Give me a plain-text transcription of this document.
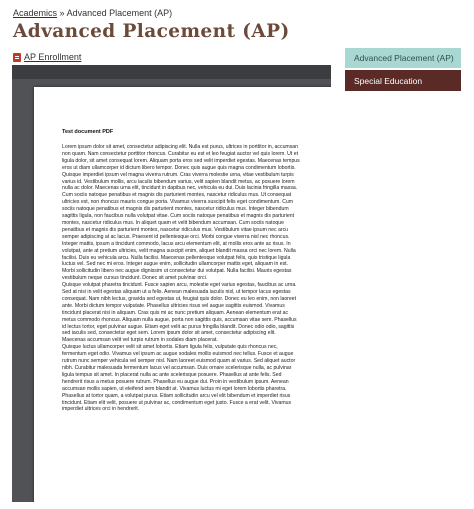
Academics » Advanced Placement (AP)
Advanced Placement (AP)
AP Enrollment
Test document PDF

Lorem ipsum dolor sit amet, consectetur adipiscing elit. Nulla est purus, ultrices in porttitor in, accumsan non quam. Nam consectetur porttitor rhoncus. Curabitur eu est et leo feugiat auctor vel quis lorem. Ut et ligula dolor, sit amet consequat lorem. Aliquam porta eros sed velit imperdiet egestas. Maecenas tempus eros ut diam ullamcorper id dictum libero tempor. Donec quis augue quis magna condimentum lobortis. Quisque imperdiet ipsum vel magna viverra rutrum. Cras viverra molestie urna, vitae vestibulum turpis varius id. Vestibulum mollis, arcu iaculis bibendum varius, velit sapien blandit metus, ac posuere lorem nulla ac dolor. Maecenas urna elit, tincidunt in dapibus nec, vehicula eu dui. Duis lacinia fringilla massa. Cum sociis natoque penatibus et magnis dis parturient montes, nascetur ridiculus mus. Ut consequat ultricies est, non rhoncus mauris congue porta. Vivamus viverra suscipit felis eget condimentum. Cum sociis natoque penatibus et magnis dis parturient montes, nascetur ridiculus mus. Integer bibendum sagittis ligula, non faucibus nulla volutpat vitae. Cum sociis natoque penatibus et magnis dis parturient montes, nascetur ridiculus mus. In aliquet quam et velit bibendum accumsan. Cum sociis natoque penatibus et magnis dis parturient montes, nascetur ridiculus mus. Vestibulum vitae ipsum nec arcu semper adipiscing at ac lacus. Praesent id pellentesque orci. Morbi congue viverra nisl nec rhoncus. Integer mattis, ipsum a tincidunt commodo, lacus arcu elementum elit, at mollis eros ante ac risus. In volutpat, ante at pretium ultricies, velit magna suscipit enim, aliquet blandit massa orci nec lorem. Nulla facilisi. Duis eu vehicula arcu. Nulla facilisi. Maecenas pellentesque volutpat felis, quis tristique ligula luctus vel. Sed nec mi eros. Integer augue enim, sollicitudin ullamcorper mattis eget, aliquam in est. Morbi sollicitudin libero nec augue dignissim ut consectetur dui volutpat. Nulla facilisi. Mauris egestas vestibulum neque cursus tincidunt. Donec sit amet pulvinar orci.

Quisque volutpat pharetra tincidunt. Fusce sapien arcu, molestie eget varius egestas, faucibus ac urna. Sed at nisi in velit egestas aliquam ut a felis. Aenean malesuada iaculis nisl, ut tempor lacus egestas consequat. Nam nibh lectus, gravida sed egestas ut, feugiat quis dolor. Donec eu leo enim, non laoreet ante. Morbi dictum tempor vulputate. Phasellus ultricies risus vel augue sagittis euismod. Vivamus tincidunt placerat nisi in aliquam. Cras quis mi ac nunc pretium aliquam. Aenean elementum erat ac metus commodo rhoncus. Aliquam nulla augue, porta non sagittis quis, accumsan vitae sem. Phasellus id lectus tortor, eget pulvinar augue. Etiam eget velit ac purus fringilla blandit. Donec odio odio, sagittis sed iaculis sed, consectetur eget sem. Lorem ipsum dolor sit amet, consectetur adipiscing elit. Maecenas accumsan velit vel turpis rutrum in sodales diam placerat.

Quisque luctus ullamcorper velit sit amet lobortis. Etiam ligula felis, vulputate quis rhoncus nec, fermentum eget odio. Vivamus vel ipsum ac augue sodales mollis euismod nec tellus. Fusce et augue rutrum nunc semper vehicula vel semper nisl. Nam laoreet euismod quam at varius. Sed aliquet auctor nibh. Curabitur malesuada fermentum lacus vel accumsan. Duis ornare scelerisque nulla, ac pulvinar ligula tempus sit amet. In placerat nulla ac ante scelerisque posuere. Phasellus at ante felis. Sed hendrerit risus a metus posuere rutrum. Phasellus eu augue dui. Proin in vestibulum ipsum. Aenean accumsan mollis sapien, ut eleifend sem blandit at. Vivamus luctus mi eget lorem lobortis pharetra. Phasellus at tortor quam, a volutpat purus. Etiam sollicitudin arcu vel elit bibendum et imperdiet risus tincidunt. Etiam elit velit, posuere ut pulvinar ac, condimentum eget justo. Fusce a erat velit. Vivamus imperdiet ultrices orci in hendrerit.

Advanced Placement (AP)
Special Education
